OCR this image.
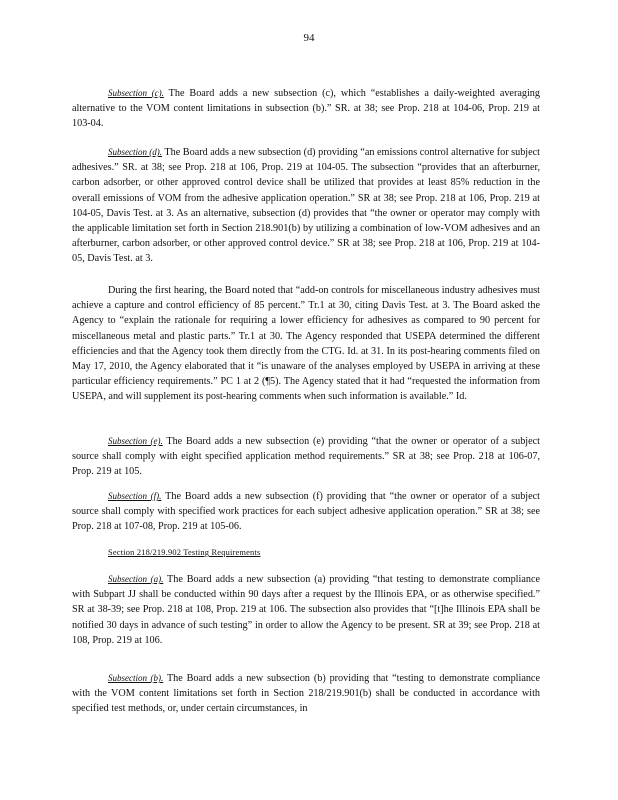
94

Subsection (c). The Board adds a new subsection (c), which “establishes a daily-weighted averaging alternative to the VOM content limitations in subsection (b).” SR. at 38; see Prop. 218 at 104-06, Prop. 219 at 103-04.

Subsection (d). The Board adds a new subsection (d) providing “an emissions control alternative for subject adhesives.” SR. at 38; see Prop. 218 at 106, Prop. 219 at 104-05. The subsection “provides that an afterburner, carbon adsorber, or other approved control device shall be utilized that provides at least 85% reduction in the overall emissions of VOM from the adhesive application operation.” SR at 38; see Prop. 218 at 106, Prop. 219 at 104-05, Davis Test. at 3. As an alternative, subsection (d) provides that “the owner or operator may comply with the applicable limitation set forth in Section 218.901(b) by utilizing a combination of low-VOM adhesives and an afterburner, carbon adsorber, or other approved control device.” SR at 38; see Prop. 218 at 106, Prop. 219 at 104-05, Davis Test. at 3.

During the first hearing, the Board noted that “add-on controls for miscellaneous industry adhesives must achieve a capture and control efficiency of 85 percent.” Tr.1 at 30, citing Davis Test. at 3. The Board asked the Agency to “explain the rationale for requiring a lower efficiency for adhesives as compared to 90 percent for miscellaneous metal and plastic parts.” Tr.1 at 30. The Agency responded that USEPA determined the different efficiencies and that the Agency took them directly from the CTG. Id. at 31. In its post-hearing comments filed on May 17, 2010, the Agency elaborated that it “is unaware of the analyses employed by USEPA in arriving at these particular efficiency requirements.” PC 1 at 2 (¶5). The Agency stated that it had “requested the information from USEPA, and will supplement its post-hearing comments when such information is available.” Id.

Subsection (e). The Board adds a new subsection (e) providing “that the owner or operator of a subject source shall comply with eight specified application method requirements.” SR at 38; see Prop. 218 at 106-07, Prop. 219 at 105.

Subsection (f). The Board adds a new subsection (f) providing that “the owner or operator of a subject source shall comply with specified work practices for each subject adhesive application operation.” SR at 38; see Prop. 218 at 107-08, Prop. 219 at 105-06.

Section 218/219.902 Testing Requirements

Subsection (a). The Board adds a new subsection (a) providing “that testing to demonstrate compliance with Subpart JJ shall be conducted within 90 days after a request by the Illinois EPA, or as otherwise specified.” SR at 38-39; see Prop. 218 at 108, Prop. 219 at 106. The subsection also provides that “[t]he Illinois EPA shall be notified 30 days in advance of such testing” in order to allow the Agency to be present. SR at 39; see Prop. 218 at 108, Prop. 219 at 106.

Subsection (b). The Board adds a new subsection (b) providing that “testing to demonstrate compliance with the VOM content limitations set forth in Section 218/219.901(b) shall be conducted in accordance with specified test methods, or, under certain circumstances, in
